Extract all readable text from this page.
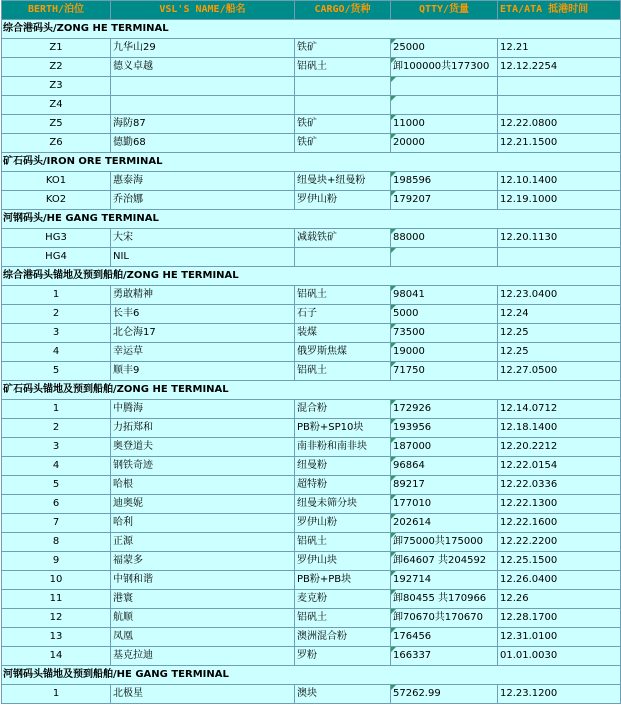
BERTH/泊位	VSL'S NAME/船名	CARGO/货种	QTTY/货量	ETA/ATA 抵港时间
综合港码头/ZONG HE TERMINAL				
Z1	九华山29	铁矿	25000	12.21
Z2	德义卓越	铝矾土	卸100000共177300	12.12.2254
Z3				
Z4				
Z5	海防87	铁矿	11000	12.22.0800
Z6	德勤68	铁矿	20000	12.21.1500
矿石码头/IRON ORE TERMINAL				
KO1	惠泰海	纽曼块+纽曼粉	198596	12.10.1400
KO2	乔治娜	罗伊山粉	179207	12.19.1000
河钢码头/HE GANG TERMINAL				
HG3	大宋	减载铁矿	88000	12.20.1130
HG4	NIL			
综合港码头锚地及预到船舶/ZONG HE TERMINAL				
1	勇敢精神	铝矾土	98041	12.23.0400
2	长丰6	石子	5000	12.24
3	北仑海17	装煤	73500	12.25
4	幸运草	俄罗斯焦煤	19000	12.25
5	顺丰9	铝矾土	71750	12.27.0500
矿石码头锚地及预到船舶/ZONG HE TERMINAL				
1	中腾海	混合粉	172926	12.14.0712
2	力拓郑和	PB粉+SP10块	193956	12.18.1400
3	奥登道夫	南非粉和南非块	187000	12.20.2212
4	钢铁奇迹	纽曼粉	96864	12.22.0154
5	哈根	超特粉	89217	12.22.0336
6	迪奥妮	纽曼未筛分块	177010	12.22.1300
7	哈利	罗伊山粉	202614	12.22.1600
8	正源	铝矾土	卸75000共175000	12.22.2200
9	福蒙多	罗伊山块	卸64607 共204592	12.25.1500
10	中钢和谐	PB粉+PB块	192714	12.26.0400
11	港寰	麦克粉	卸80455 共170966	12.26
12	航顺	铝矾土	卸70670共170670	12.28.1700
13	凤凰	澳洲混合粉	176456	12.31.0100
14	基克拉迪	罗粉	166337	01.01.0030
河钢码头锚地及预到船舶/HE GANG TERMINAL				
1	北极星	澳块	57262.99	12.23.1200
